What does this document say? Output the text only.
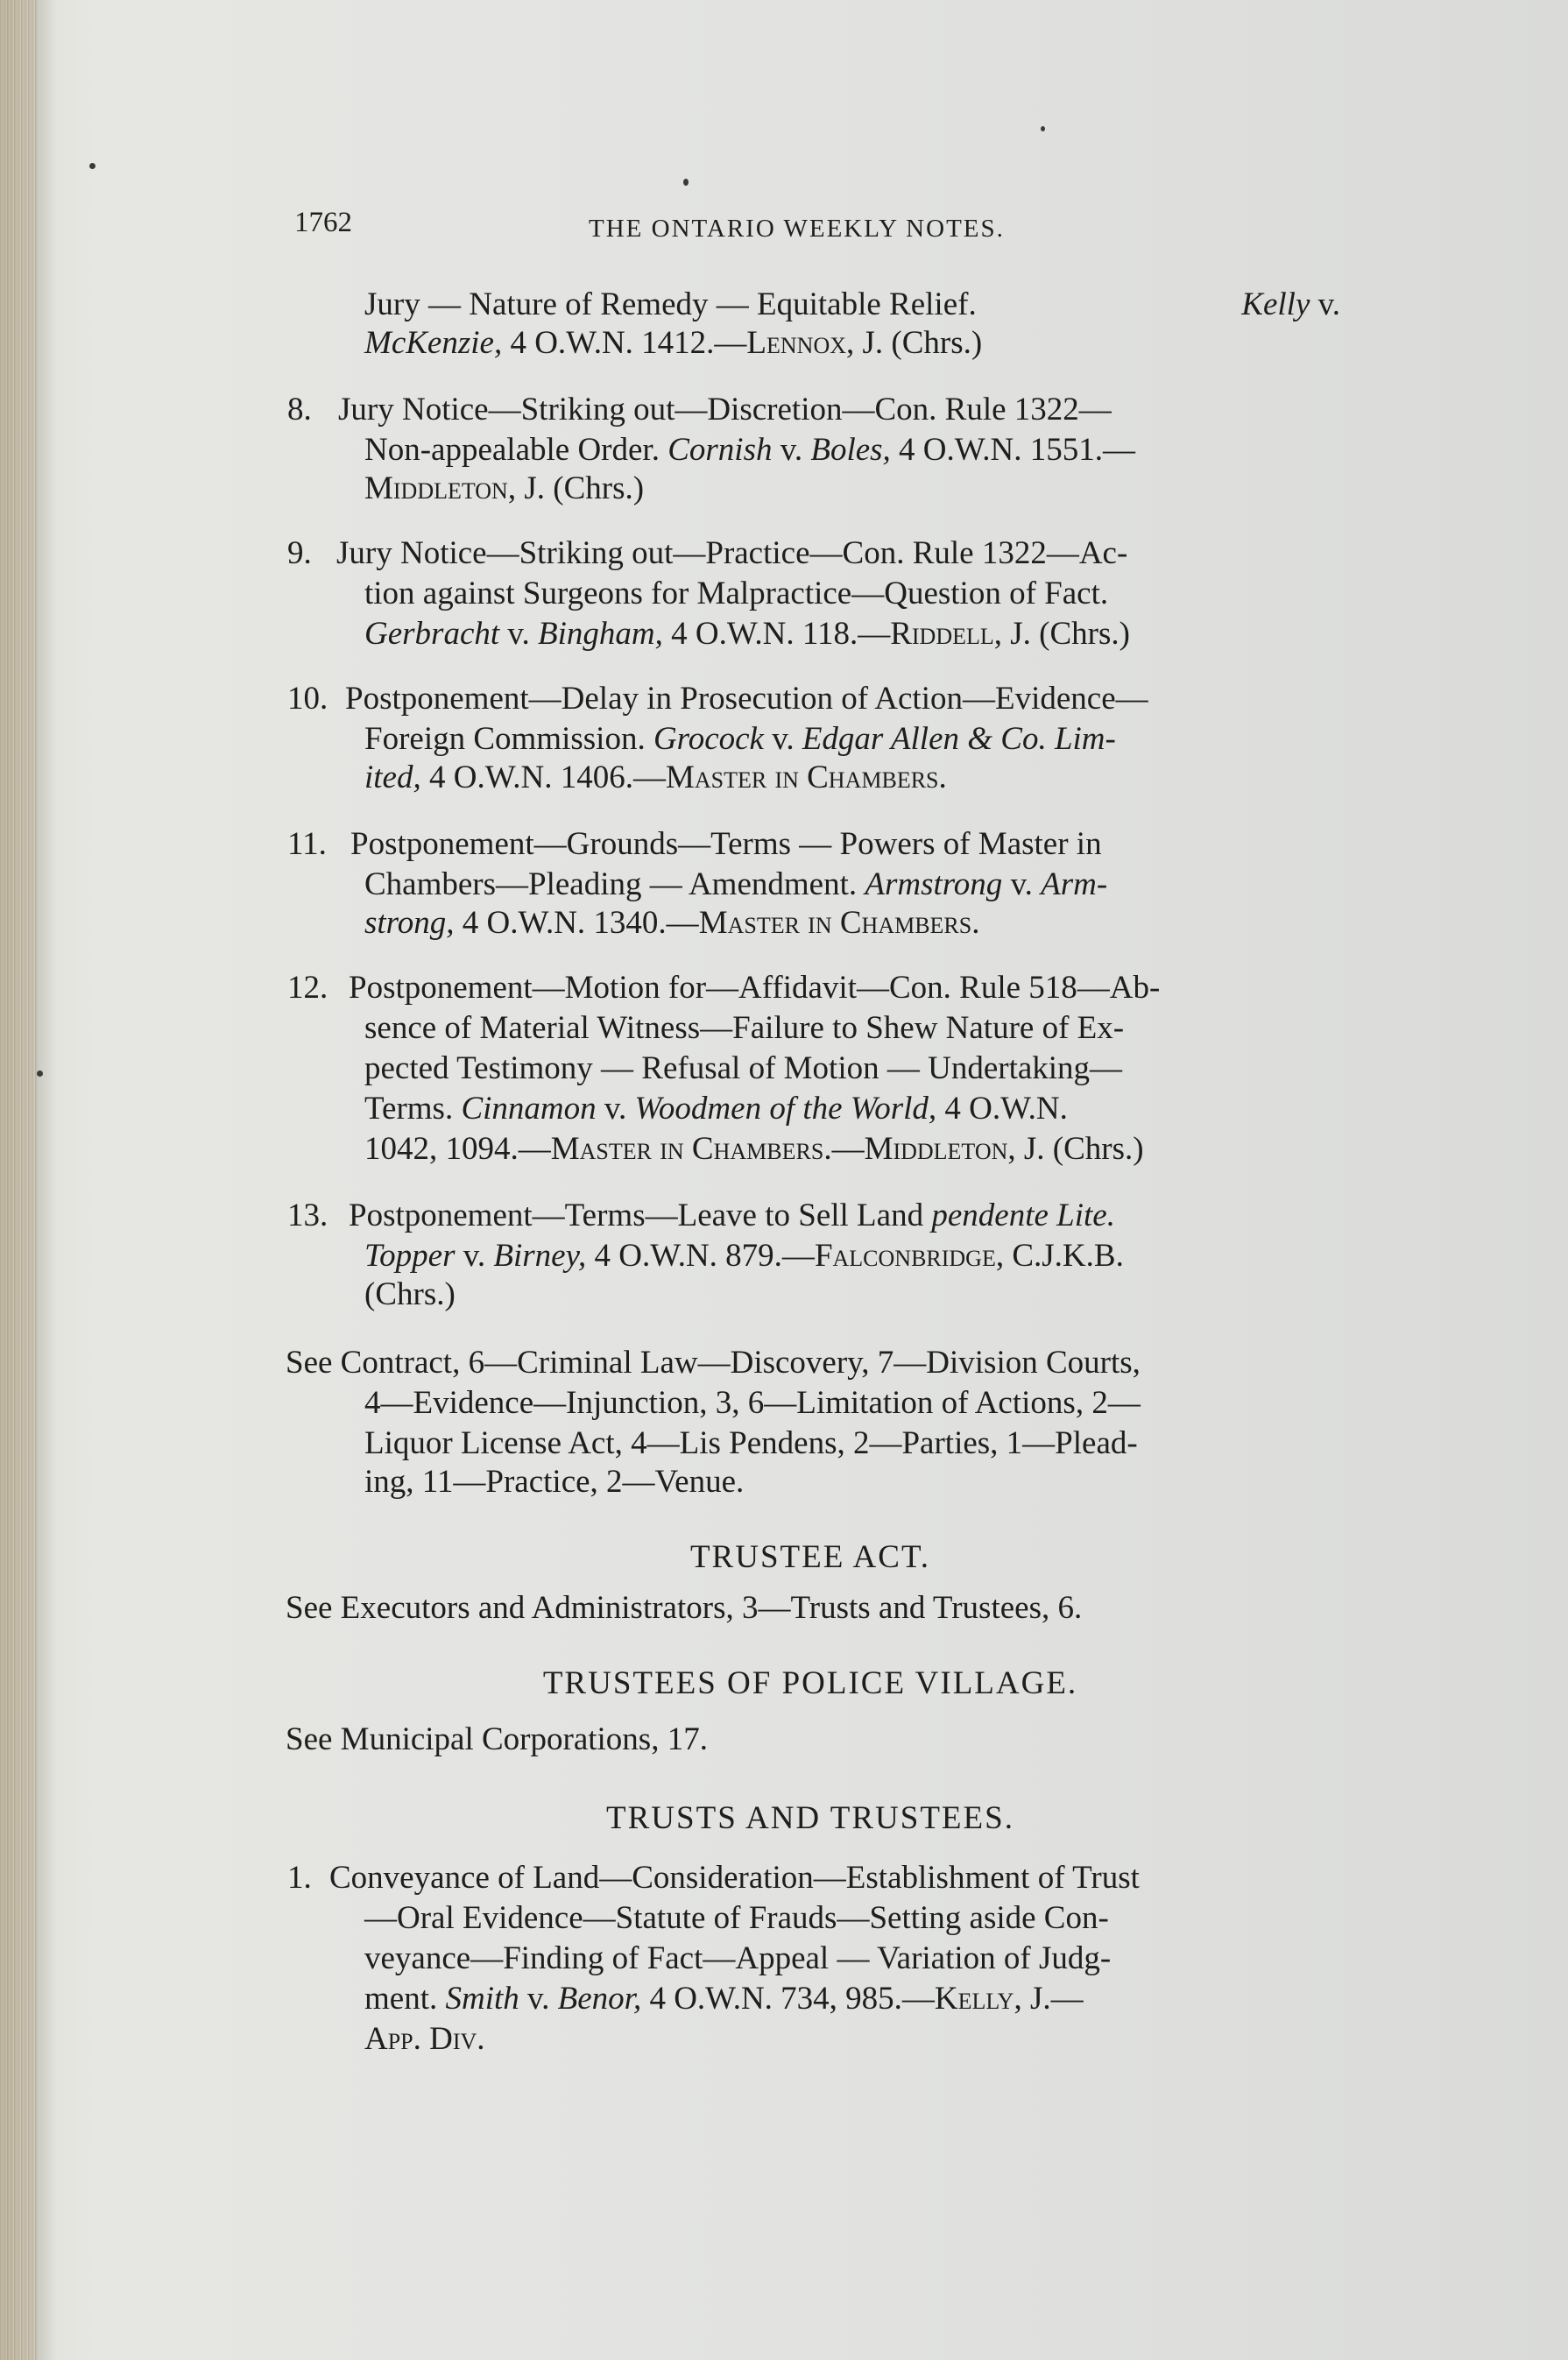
1762	THE ONTARIO WEEKLY NOTES.
Jury — Nature of Remedy — Equitable Relief.	Kelly v.
McKenzie, 4 O.W.N. 1412.—Lennox, J. (Chrs.)
8. Jury Notice—Striking out—Discretion—Con. Rule 1322—
Non-appealable Order. Cornish v. Boles, 4 O.W.N. 1551.—
Middleton, J. (Chrs.)
9. Jury Notice—Striking out—Practice—Con. Rule 1322—Ac-
tion against Surgeons for Malpractice—Question of Fact.
Gerbracht v. Bingham, 4 O.W.N. 118.—Riddell, J. (Chrs.)
10. Postponement—Delay in Prosecution of Action—Evidence—
Foreign Commission. Grocock v. Edgar Allen & Co. Lim-
ited, 4 O.W.N. 1406.—Master in Chambers.
11. Postponement—Grounds—Terms — Powers of Master in
Chambers—Pleading — Amendment. Armstrong v. Arm-
strong, 4 O.W.N. 1340.—Master in Chambers.
12. Postponement—Motion for—Affidavit—Con. Rule 518—Ab-
sence of Material Witness—Failure to Shew Nature of Ex-
pected Testimony — Refusal of Motion — Undertaking—
Terms. Cinnamon v. Woodmen of the World, 4 O.W.N.
1042, 1094.—Master in Chambers.—Middleton, J. (Chrs.)
13. Postponement—Terms—Leave to Sell Land pendente Lite.
Topper v. Birney, 4 O.W.N. 879.—Falconbridge, C.J.K.B.
(Chrs.)
See Contract, 6—Criminal Law—Discovery, 7—Division Courts,
4—Evidence—Injunction, 3, 6—Limitation of Actions, 2—
Liquor License Act, 4—Lis Pendens, 2—Parties, 1—Plead-
ing, 11—Practice, 2—Venue.
TRUSTEE ACT.
See Executors and Administrators, 3—Trusts and Trustees, 6.
TRUSTEES OF POLICE VILLAGE.
See Municipal Corporations, 17.
TRUSTS AND TRUSTEES.
1. Conveyance of Land—Consideration—Establishment of Trust
—Oral Evidence—Statute of Frauds—Setting aside Con-
veyance—Finding of Fact—Appeal — Variation of Judg-
ment. Smith v. Benor, 4 O.W.N. 734, 985.—Kelly, J.—
App. Div.
